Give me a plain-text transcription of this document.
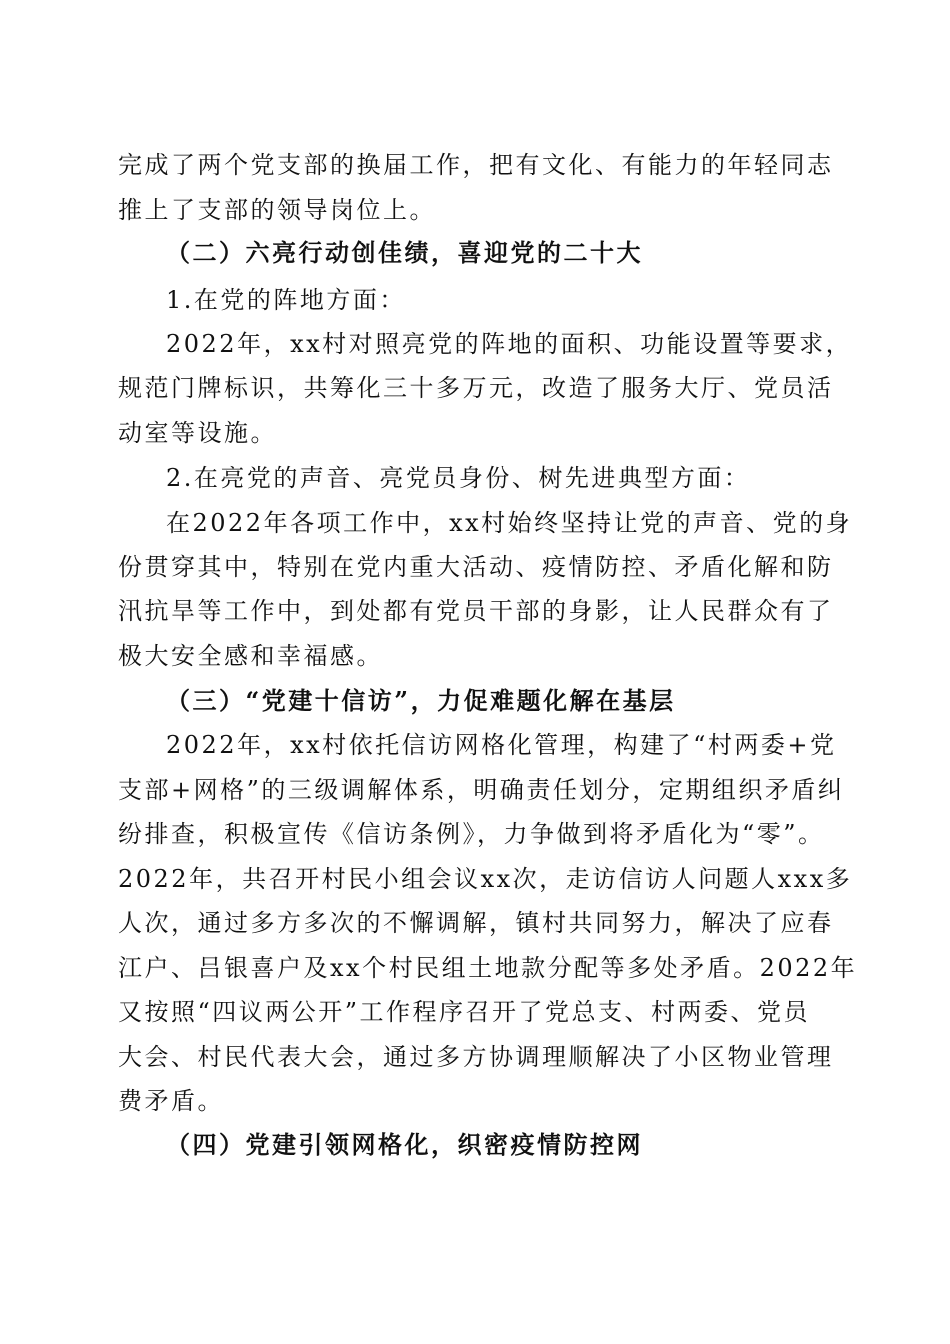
完成了两个党支部的换届工作，把有文化、有能力的年轻同志
推上了支部的领导岗位上。
（二）六亮行动创佳绩，喜迎党的二十大
1.在党的阵地方面：
2022年，xx村对照亮党的阵地的面积、功能设置等要求，
规范门牌标识，共筹化三十多万元，改造了服务大厅、党员活
动室等设施。
2.在亮党的声音、亮党员身份、树先进典型方面：
在2022年各项工作中，xx村始终坚持让党的声音、党的身
份贯穿其中，特别在党内重大活动、疫情防控、矛盾化解和防
汛抗旱等工作中，到处都有党员干部的身影，让人民群众有了
极大安全感和幸福感。
（三）“党建十信访”，力促难题化解在基层
2022年，xx村依托信访网格化管理，构建了“村两委+党
支部+网格”的三级调解体系，明确责任划分，定期组织矛盾纠
纷排查，积极宣传《信访条例》，力争做到将矛盾化为“零”。
2022年，共召开村民小组会议xx次，走访信访人问题人xxx多
人次，通过多方多次的不懈调解，镇村共同努力，解决了应春
江户、吕银喜户及xx个村民组土地款分配等多处矛盾。2022年
又按照“四议两公开”工作程序召开了党总支、村两委、党员
大会、村民代表大会，通过多方协调理顺解决了小区物业管理
费矛盾。
（四）党建引领网格化，织密疫情防控网
